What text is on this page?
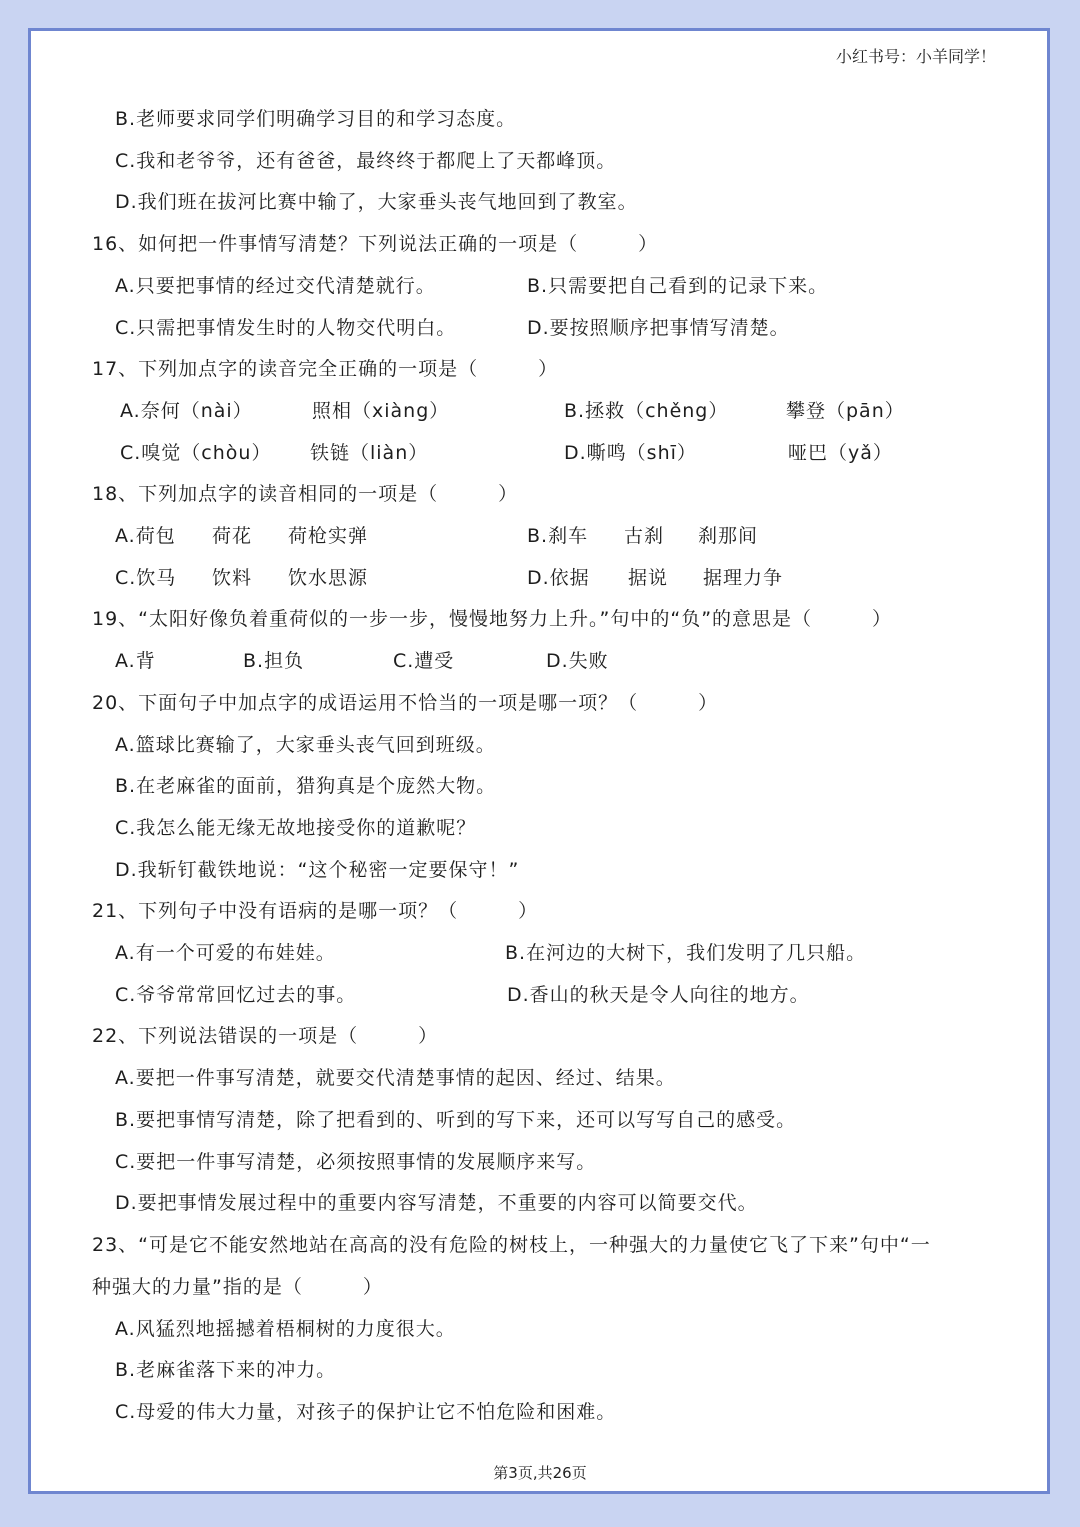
小红书号：小羊同学！
B.老师要求同学们明确学习目的和学习态度。
C.我和老爷爷，还有爸爸，最终终于都爬上了天都峰顶。
D.我们班在拔河比赛中输了，大家垂头丧气地回到了教室。
16、如何把一件事情写清楚？下列说法正确的一项是（　　　）
A.只要把事情的经过交代清楚就行。	B.只需要把自己看到的记录下来。
C.只需把事情发生时的人物交代明白。	D.要按照顺序把事情写清楚。
17、下列加点字的读音完全正确的一项是（　　　）
A.奈何（nài）	照相（xiàng）	B.拯救（chěng）	攀登（pān）
C.嗅觉（chòu） 铁链（liàn）	D.嘶鸣（shī）	哑巴（yǎ）
18、下列加点字的读音相同的一项是（　　　）
A.荷包 荷花 荷枪实弹	B.刹车 古刹 刹那间
C.饮马 饮料 饮水思源	D.依据 据说 据理力争
19、“太阳好像负着重荷似的一步一步，慢慢地努力上升。”句中的“负”的意思是（　　　）
A.背	B.担负	C.遭受	D.失败
20、下面句子中加点字的成语运用不恰当的一项是哪一项？（　　　）
A.篮球比赛输了，大家垂头丧气回到班级。
B.在老麻雀的面前，猎狗真是个庞然大物。
C.我怎么能无缘无故地接受你的道歉呢？
D.我斩钉截铁地说：“这个秘密一定要保守！”
21、下列句子中没有语病的是哪一项？（　　　）
A.有一个可爱的布娃娃。	B.在河边的大树下，我们发明了几只船。
C.爷爷常常回忆过去的事。	D.香山的秋天是令人向往的地方。
22、下列说法错误的一项是（　　　）
A.要把一件事写清楚，就要交代清楚事情的起因、经过、结果。
B.要把事情写清楚，除了把看到的、听到的写下来，还可以写写自己的感受。
C.要把一件事写清楚，必须按照事情的发展顺序来写。
D.要把事情发展过程中的重要内容写清楚，不重要的内容可以简要交代。
23、“可是它不能安然地站在高高的没有危险的树枝上，一种强大的力量使它飞了下来”句中“一
种强大的力量”指的是（　　　）
A.风猛烈地摇撼着梧桐树的力度很大。
B.老麻雀落下来的冲力。
C.母爱的伟大力量，对孩子的保护让它不怕危险和困难。
第3页,共26页
